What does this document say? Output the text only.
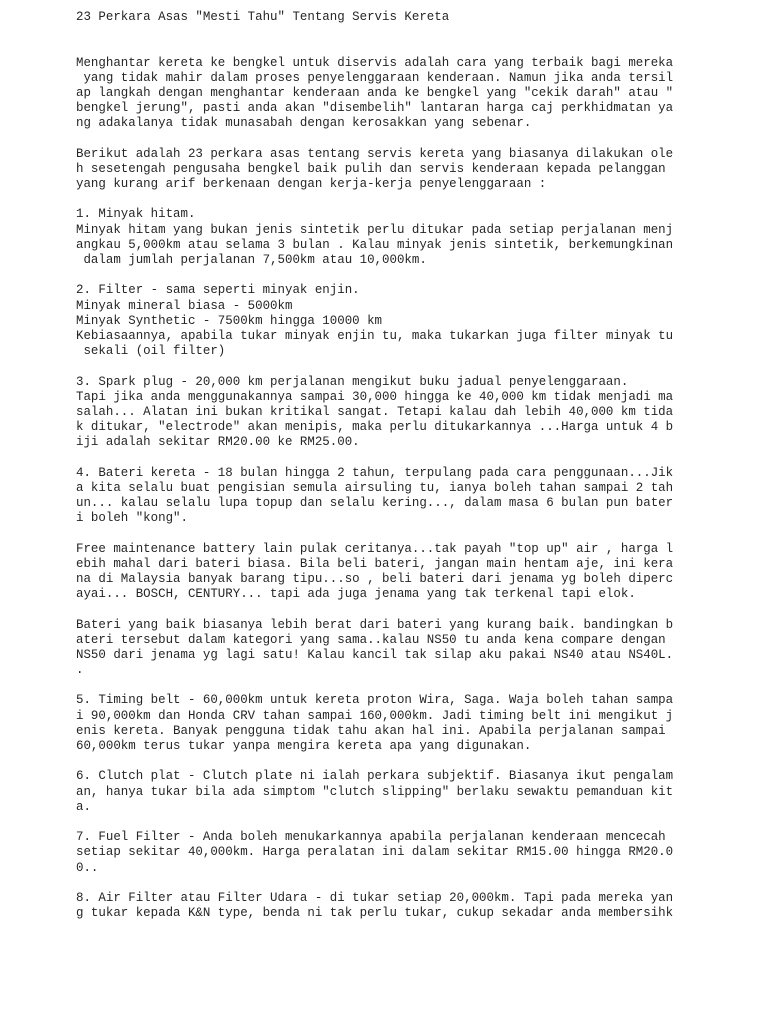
23 Perkara Asas "Mesti Tahu" Tentang Servis Kereta
Menghantar kereta ke bengkel untuk diservis adalah cara yang terbaik bagi mereka
yang tidak mahir dalam proses penyelenggaraan kenderaan. Namun jika anda tersil
ap langkah dengan menghantar kenderaan anda ke bengkel yang "cekik darah" atau "
bengkel jerung", pasti anda akan "disembelih" lantaran harga caj perkhidmatan ya
ng adakalanya tidak munasabah dengan kerosakkan yang sebenar.
Berikut adalah 23 perkara asas tentang servis kereta yang biasanya dilakukan ole
h sesetengah pengusaha bengkel baik pulih dan servis kenderaan kepada pelanggan
yang kurang arif berkenaan dengan kerja-kerja penyelenggaraan :
1. Minyak hitam.
Minyak hitam yang bukan jenis sintetik perlu ditukar pada setiap perjalanan menj
angkau 5,000km atau selama 3 bulan . Kalau minyak jenis sintetik, berkemungkinan
dalam jumlah perjalanan 7,500km atau 10,000km.
2. Filter - sama seperti minyak enjin.
Minyak mineral biasa - 5000km
Minyak Synthetic - 7500km hingga 10000 km
Kebiasaannya, apabila tukar minyak enjin tu, maka tukarkan juga filter minyak tu
sekali (oil filter)
3. Spark plug - 20,000 km perjalanan mengikut buku jadual penyelenggaraan.
Tapi jika anda menggunakannya sampai 30,000 hingga ke 40,000 km tidak menjadi ma
salah... Alatan ini bukan kritikal sangat. Tetapi kalau dah lebih 40,000 km tida
k ditukar, "electrode" akan menipis, maka perlu ditukarkannya ...Harga untuk 4 b
iji adalah sekitar RM20.00 ke RM25.00.
4. Bateri kereta - 18 bulan hingga 2 tahun, terpulang pada cara penggunaan...Jik
a kita selalu buat pengisian semula airsuling tu, ianya boleh tahan sampai 2 tah
un... kalau selalu lupa topup dan selalu kering..., dalam masa 6 bulan pun bater
i boleh "kong".
Free maintenance battery lain pulak ceritanya...tak payah "top up" air , harga l
ebih mahal dari bateri biasa. Bila beli bateri, jangan main hentam aje, ini kera
na di Malaysia banyak barang tipu...so , beli bateri dari jenama yg boleh diperc
ayai... BOSCH, CENTURY... tapi ada juga jenama yang tak terkenal tapi elok.
Bateri yang baik biasanya lebih berat dari bateri yang kurang baik. bandingkan b
ateri tersebut dalam kategori yang sama..kalau NS50 tu anda kena compare dengan
NS50 dari jenama yg lagi satu! Kalau kancil tak silap aku pakai NS40 atau NS40L.
.
5. Timing belt - 60,000km untuk kereta proton Wira, Saga. Waja boleh tahan sampa
i 90,000km dan Honda CRV tahan sampai 160,000km. Jadi timing belt ini mengikut j
enis kereta. Banyak pengguna tidak tahu akan hal ini. Apabila perjalanan sampai
60,000km terus tukar yanpa mengira kereta apa yang digunakan.
6. Clutch plat - Clutch plate ni ialah perkara subjektif. Biasanya ikut pengalam
an, hanya tukar bila ada simptom "clutch slipping" berlaku sewaktu pemanduan kit
a.
7. Fuel Filter - Anda boleh menukarkannya apabila perjalanan kenderaan mencecah
setiap sekitar 40,000km. Harga peralatan ini dalam sekitar RM15.00 hingga RM20.0
0..
8. Air Filter atau Filter Udara - di tukar setiap 20,000km. Tapi pada mereka yan
g tukar kepada K&N type, benda ni tak perlu tukar, cukup sekadar anda membersihk
